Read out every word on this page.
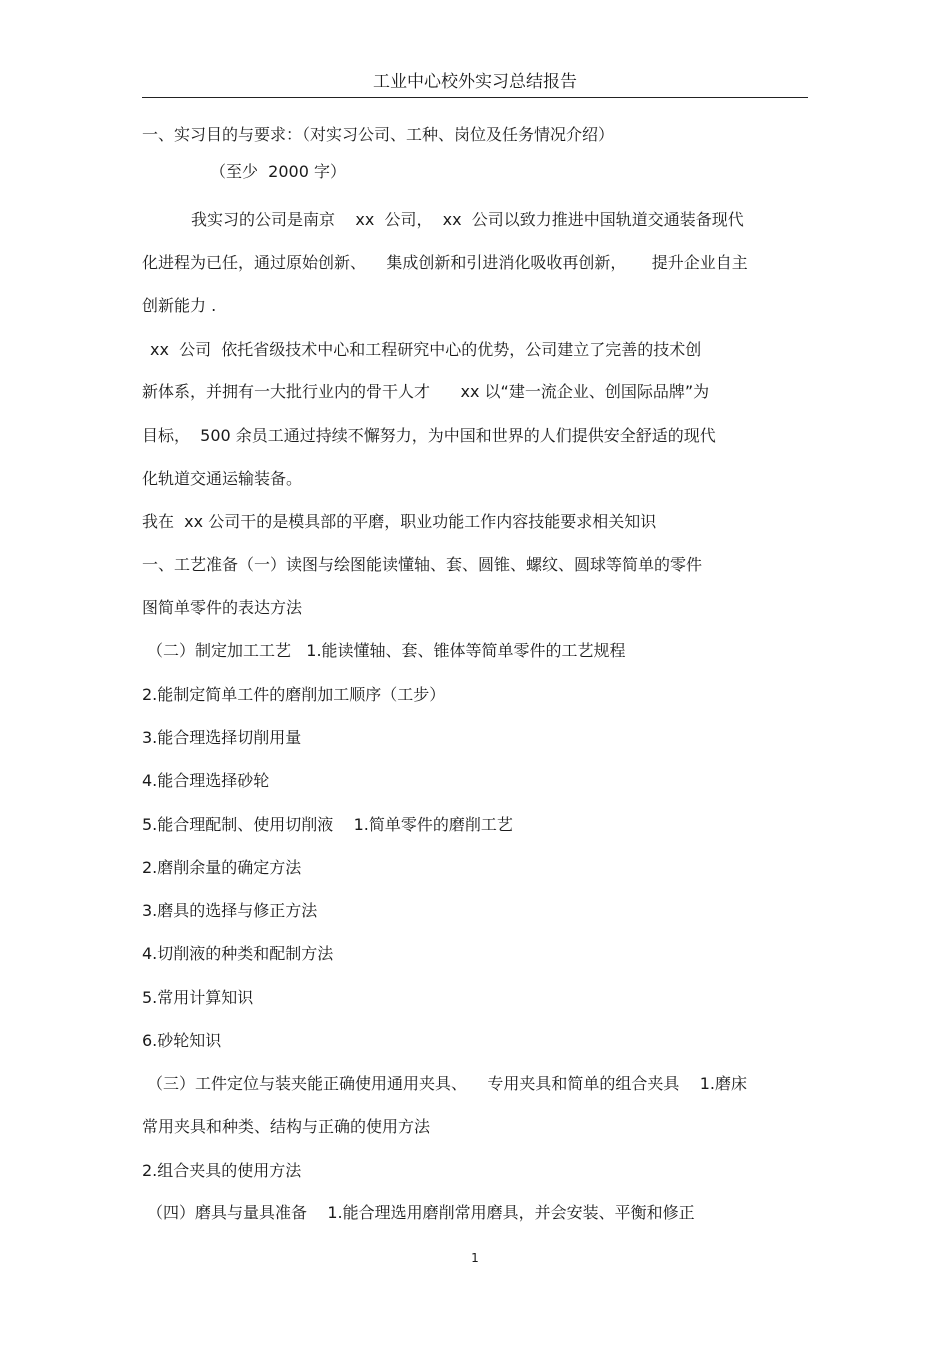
工业中心校外实习总结报告
一、实习目的与要求：（对实习公司、工种、岗位及任务情况介绍）
（至少  2000 字）
我实习的公司是南京    xx  公司，  xx  公司以致力推进中国轨道交通装备现代
化进程为已任，通过原始创新、    集成创新和引进消化吸收再创新，     提升企业自主
创新能力 .
xx  公司  依托省级技术中心和工程研究中心的优势，公司建立了完善的技术创
新体系，并拥有一大批行业内的骨干人才      xx 以“建一流企业、创国际品牌”为
目标，  500 余员工通过持续不懈努力，为中国和世界的人们提供安全舒适的现代
化轨道交通运输装备。
我在  xx 公司干的是模具部的平磨，职业功能工作内容技能要求相关知识
一、工艺准备（一）读图与绘图能读懂轴、套、圆锥、螺纹、圆球等简单的零件
图简单零件的表达方法
（二）制定加工工艺   1.能读懂轴、套、锥体等简单零件的工艺规程
2.能制定简单工件的磨削加工顺序（工步）
3.能合理选择切削用量
4.能合理选择砂轮
5.能合理配制、使用切削液    1.简单零件的磨削工艺
2.磨削余量的确定方法
3.磨具的选择与修正方法
4.切削液的种类和配制方法
5.常用计算知识
6.砂轮知识
（三）工件定位与装夹能正确使用通用夹具、    专用夹具和简单的组合夹具    1.磨床
常用夹具和种类、结构与正确的使用方法
2.组合夹具的使用方法
（四）磨具与量具准备    1.能合理选用磨削常用磨具，并会安装、平衡和修正
1
